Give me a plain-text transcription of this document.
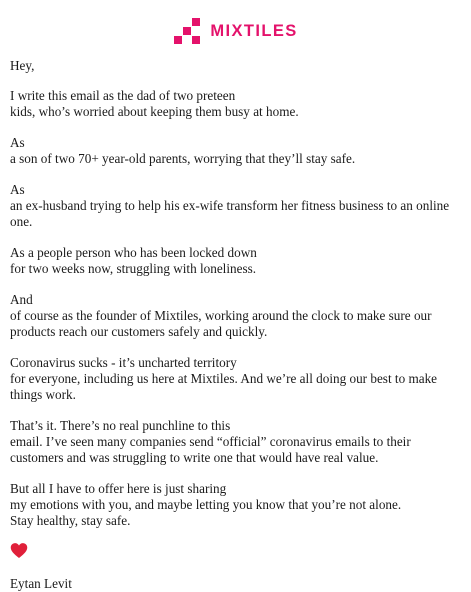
MIXTILES

Hey,

I write this email as the dad of two preteen
kids, who’s worried about keeping them busy at home.

As
a son of two 70+ year-old parents, worrying that they’ll stay safe.

As
an ex-husband trying to help his ex-wife transform her fitness business to an online one.

As a people person who has been locked down
for two weeks now, struggling with loneliness.

And
of course as the founder of Mixtiles, working around the clock to make sure our products reach our customers safely and quickly.

Coronavirus sucks - it’s uncharted territory
for everyone, including us here at Mixtiles. And we’re all doing our best to make things work.

That’s it. There’s no real punchline to this
email. I’ve seen many companies send “official” coronavirus emails to their customers and was struggling to write one that would have real value.

But all I have to offer here is just sharing
my emotions with you, and maybe letting you know that you’re not alone.
Stay healthy, stay safe.

Eytan Levit
